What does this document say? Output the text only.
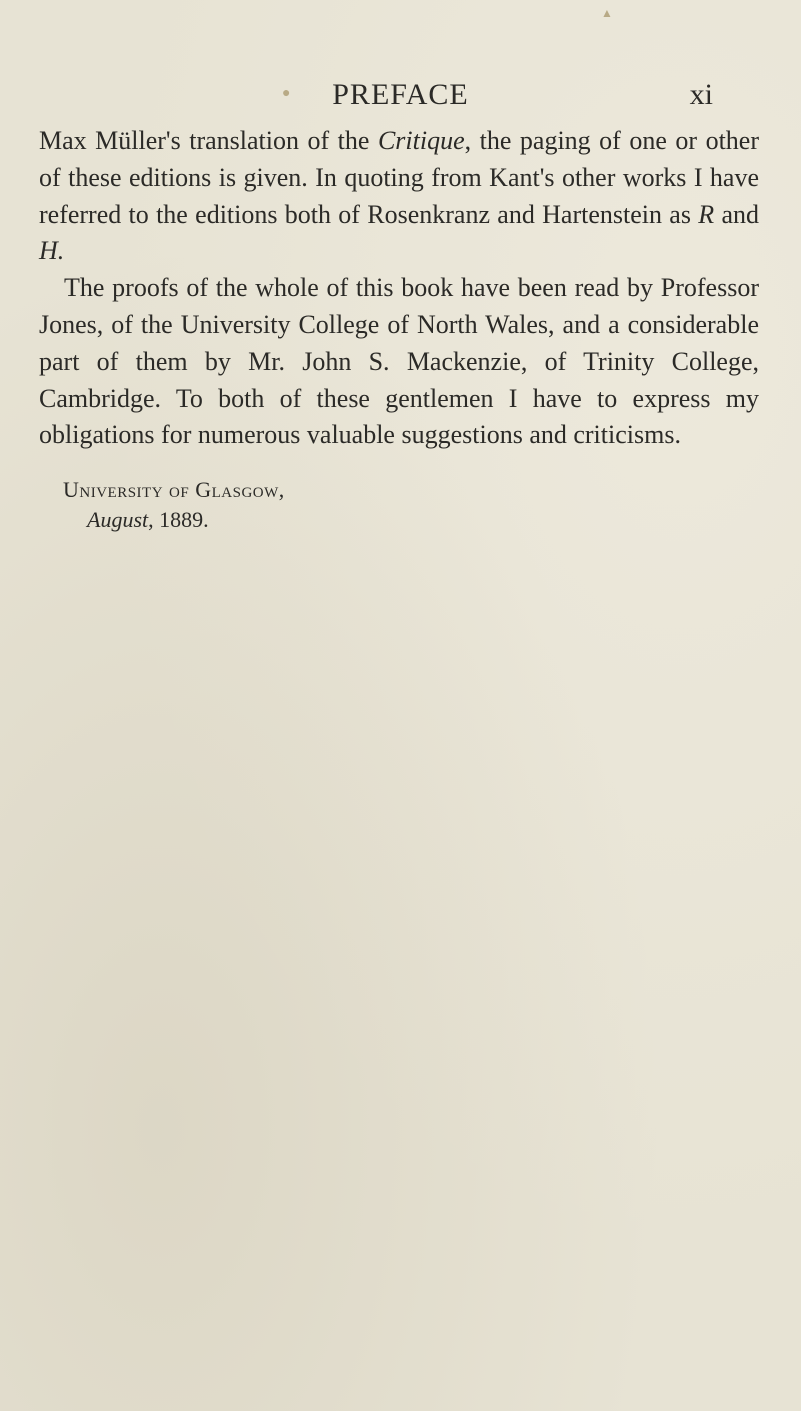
▲
●	PREFACE	xi

Max Müller's translation of the Critique, the paging of one or other of these editions is given. In quoting from Kant's other works I have referred to the editions both of Rosenkranz and Hartenstein as R and H.

The proofs of the whole of this book have been read by Professor Jones, of the University College of North Wales, and a considerable part of them by Mr. John S. Mackenzie, of Trinity College, Cambridge. To both of these gentlemen I have to express my obligations for numerous valuable suggestions and criticisms.

University of Glasgow,
August, 1889.
